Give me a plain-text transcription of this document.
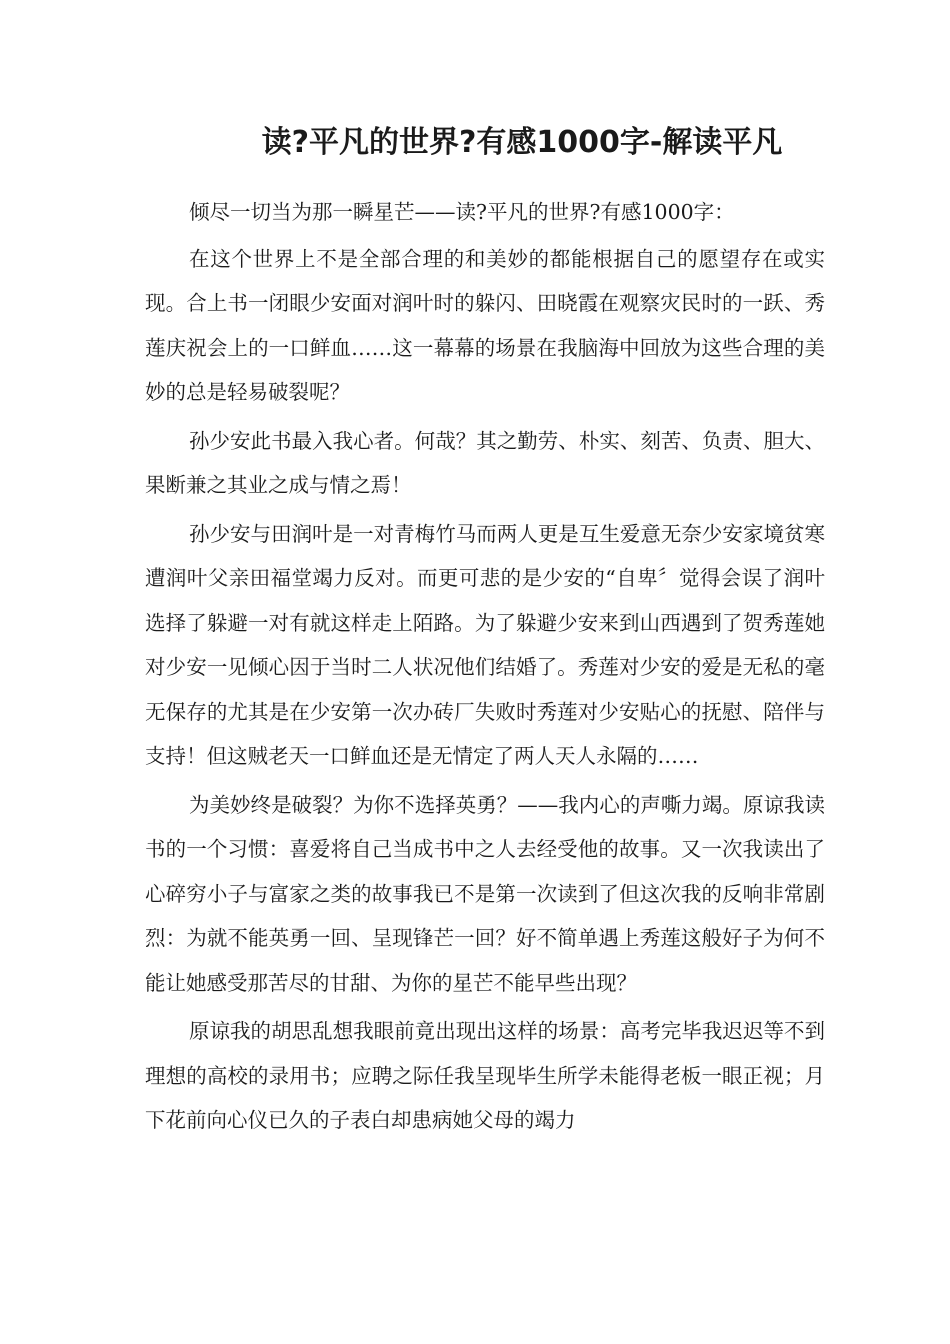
读?平凡的世界?有感1000字-解读平凡

倾尽一切当为那一瞬星芒——读?平凡的世界?有感1000字：

在这个世界上不是全部合理的和美妙的都能根据自己的愿望存在或实现。合上书一闭眼少安面对润叶时的躲闪、田晓霞在观察灾民时的一跃、秀莲庆祝会上的一口鲜血……这一幕幕的场景在我脑海中回放为这些合理的美妙的总是轻易破裂呢？

孙少安此书最入我心者。何哉？其之勤劳、朴实、刻苦、负责、胆大、果断兼之其业之成与情之焉！

孙少安与田润叶是一对青梅竹马而两人更是互生爱意无奈少安家境贫寒遭润叶父亲田福堂竭力反对。而更可悲的是少安的“自卑〞觉得会误了润叶选择了躲避一对有就这样走上陌路。为了躲避少安来到山西遇到了贺秀莲她对少安一见倾心因于当时二人状况他们结婚了。秀莲对少安的爱是无私的毫无保存的尤其是在少安第一次办砖厂失败时秀莲对少安贴心的抚慰、陪伴与支持！但这贼老天一口鲜血还是无情定了两人天人永隔的……

为美妙终是破裂？为你不选择英勇？——我内心的声嘶力竭。原谅我读书的一个习惯：喜爱将自己当成书中之人去经受他的故事。又一次我读出了心碎穷小子与富家之类的故事我已不是第一次读到了但这次我的反响非常剧烈：为就不能英勇一回、呈现锋芒一回？好不简单遇上秀莲这般好子为何不能让她感受那苦尽的甘甜、为你的星芒不能早些出现？

原谅我的胡思乱想我眼前竟出现出这样的场景：高考完毕我迟迟等不到理想的高校的录用书；应聘之际任我呈现毕生所学未能得老板一眼正视；月下花前向心仪已久的子表白却患病她父母的竭力
